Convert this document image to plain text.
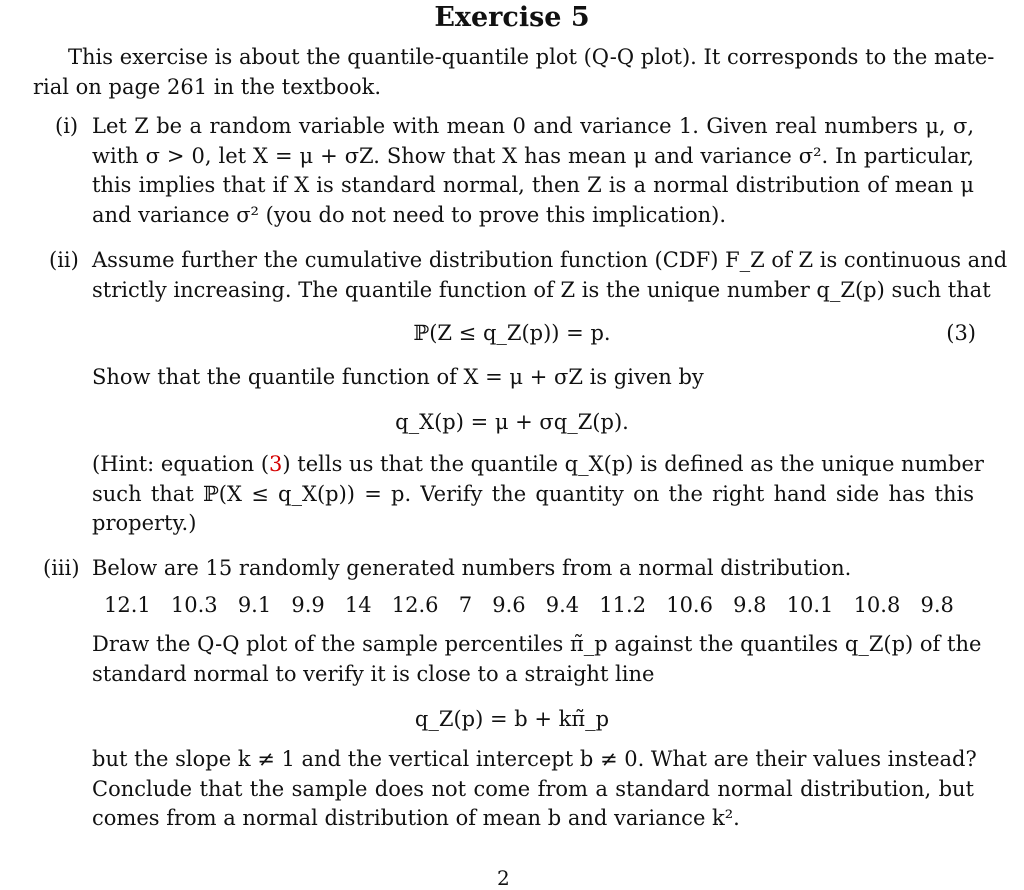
Exercise 5
This exercise is about the quantile-quantile plot (Q-Q plot). It corresponds to the mate-
rial on page 261 in the textbook.
(i) Let Z be a random variable with mean 0 and variance 1. Given real numbers μ, σ,
with σ > 0, let X = μ + σZ. Show that X has mean μ and variance σ². In particular,
this implies that if X is standard normal, then Z is a normal distribution of mean μ
and variance σ² (you do not need to prove this implication).
(ii) Assume further the cumulative distribution function (CDF) F_Z of Z is continuous and
strictly increasing. The quantile function of Z is the unique number q_Z(p) such that
ℙ(Z ≤ q_Z(p)) = p.	(3)
Show that the quantile function of X = μ + σZ is given by
q_X(p) = μ + σq_Z(p).
(Hint: equation (3) tells us that the quantile q_X(p) is defined as the unique number
such that ℙ(X ≤ q_X(p)) = p. Verify the quantity on the right hand side has this
property.)
(iii) Below are 15 randomly generated numbers from a normal distribution.
12.1 10.3 9.1 9.9 14 12.6 7 9.6 9.4 11.2 10.6 9.8 10.1 10.8 9.8
Draw the Q-Q plot of the sample percentiles π̃_p against the quantiles q_Z(p) of the
standard normal to verify it is close to a straight line
q_Z(p) = b + kπ̃_p
but the slope k ≠ 1 and the vertical intercept b ≠ 0. What are their values instead?
Conclude that the sample does not come from a standard normal distribution, but
comes from a normal distribution of mean b and variance k².
2
